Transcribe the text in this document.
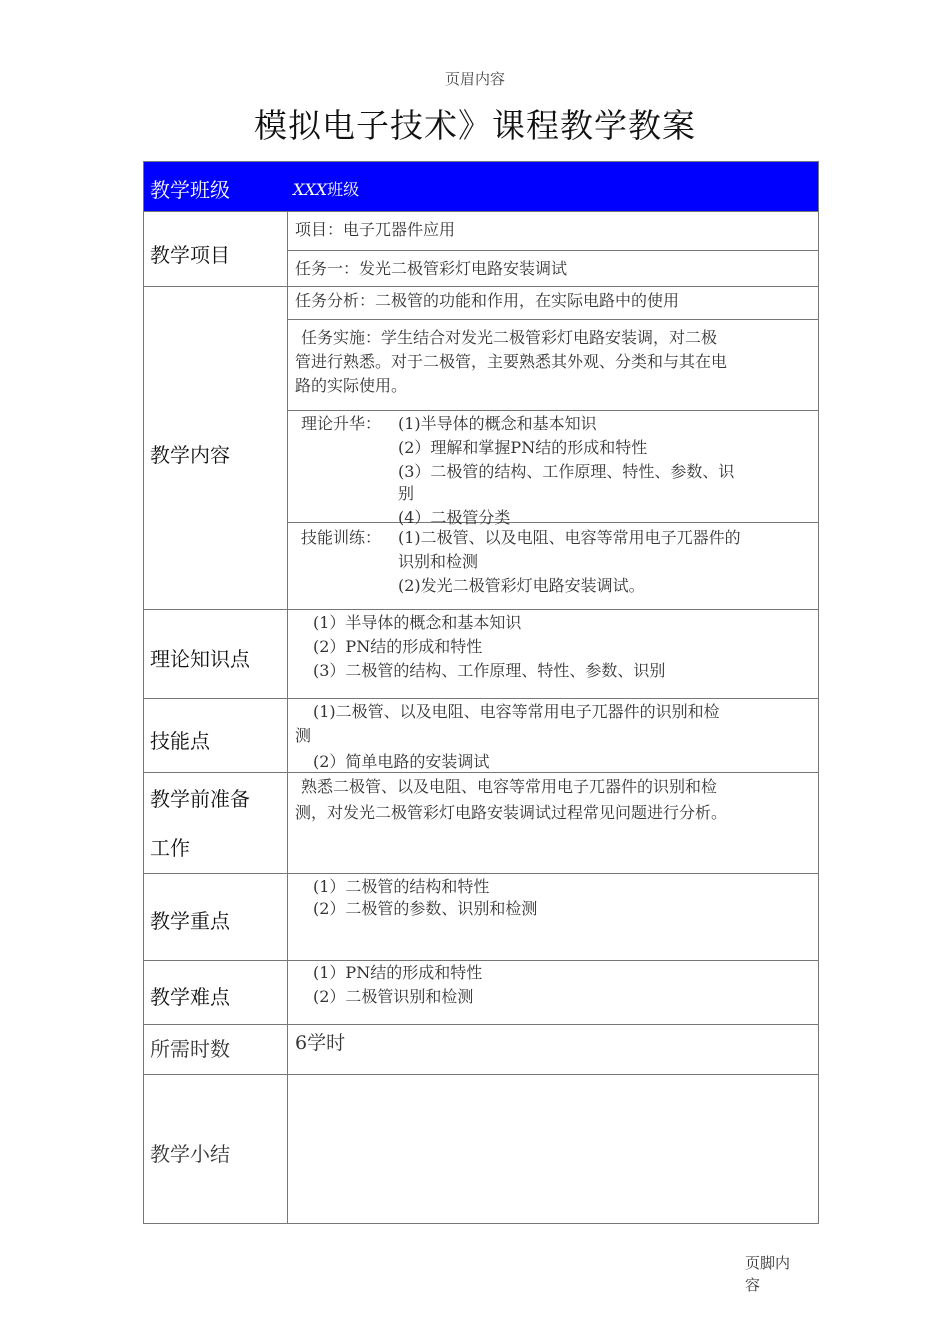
页眉内容
模拟电子技术》课程教学教案
教学班级	XXX班级
教学项目
项目：电子兀器件应用
任务一：发光二极管彩灯电路安装调试
教学内容
任务分析：二极管的功能和作用，在实际电路中的使用
任务实施：学生结合对发光二极管彩灯电路安装调，对二极
管进行熟悉。对于二极管，主要熟悉其外观、分类和与其在电
路的实际使用。
理论升华： (1)半导体的概念和基本知识
(2）理解和掌握PN结的形成和特性
(3）二极管的结构、工作原理、特性、参数、识
别
(4）二极管分类
技能训练： (1)二极管、以及电阻、电容等常用电子兀器件的
识别和检测
(2)发光二极管彩灯电路安装调试。
理论知识点
(1）半导体的概念和基本知识
(2）PN结的形成和特性
(3）二极管的结构、工作原理、特性、参数、识别
技能点
(1)二极管、以及电阻、电容等常用电子兀器件的识别和检
测
(2）简单电路的安装调试
教学前准备
工作
熟悉二极管、以及电阻、电容等常用电子兀器件的识别和检
测，对发光二极管彩灯电路安装调试过程常见问题进行分析。
教学重点
(1）二极管的结构和特性
(2）二极管的参数、识别和检测
教学难点
(1）PN结的形成和特性
(2）二极管识别和检测
所需时数	6学时
教学小结
页脚内
容
